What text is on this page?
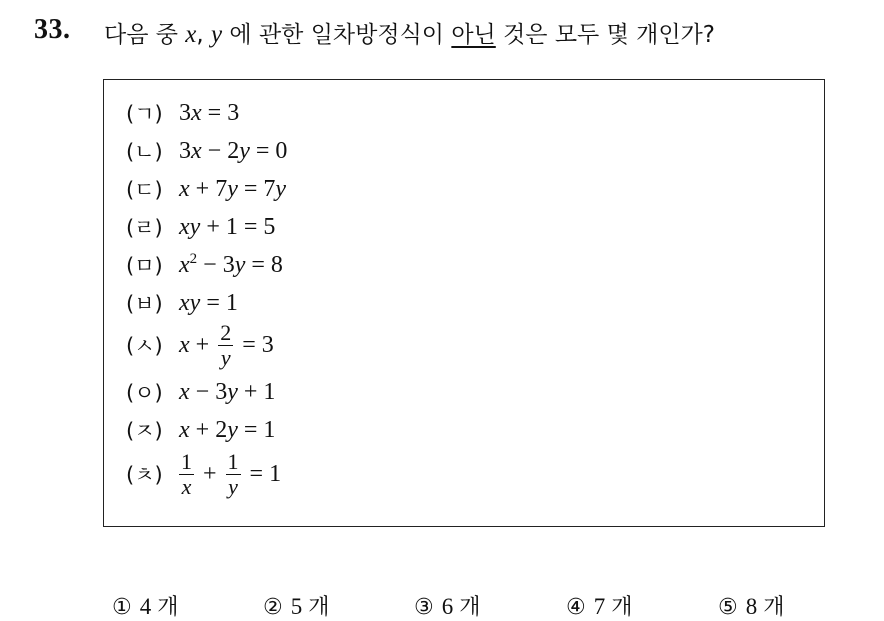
33. 다음 중 x, y 에 관한 일차방정식이 아닌 것은 모두 몇 개인가?
(ㄱ) 3x = 3
(ㄴ) 3x − 2y = 0
(ㄷ) x + 7y = 7y
(ㄹ) xy + 1 = 5
(ㅁ) $x^2 - 3y = 8$
(ㅂ) xy = 1
(ㅅ) $x + \frac{2}{y} = 3$
(ㅇ) x − 3y + 1
(ㅈ) x + 2y = 1
(ㅊ) $\frac{1}{x} + \frac{1}{y} = 1$
① 4 개	② 5 개	③ 6 개	④ 7 개	⑤ 8 개
